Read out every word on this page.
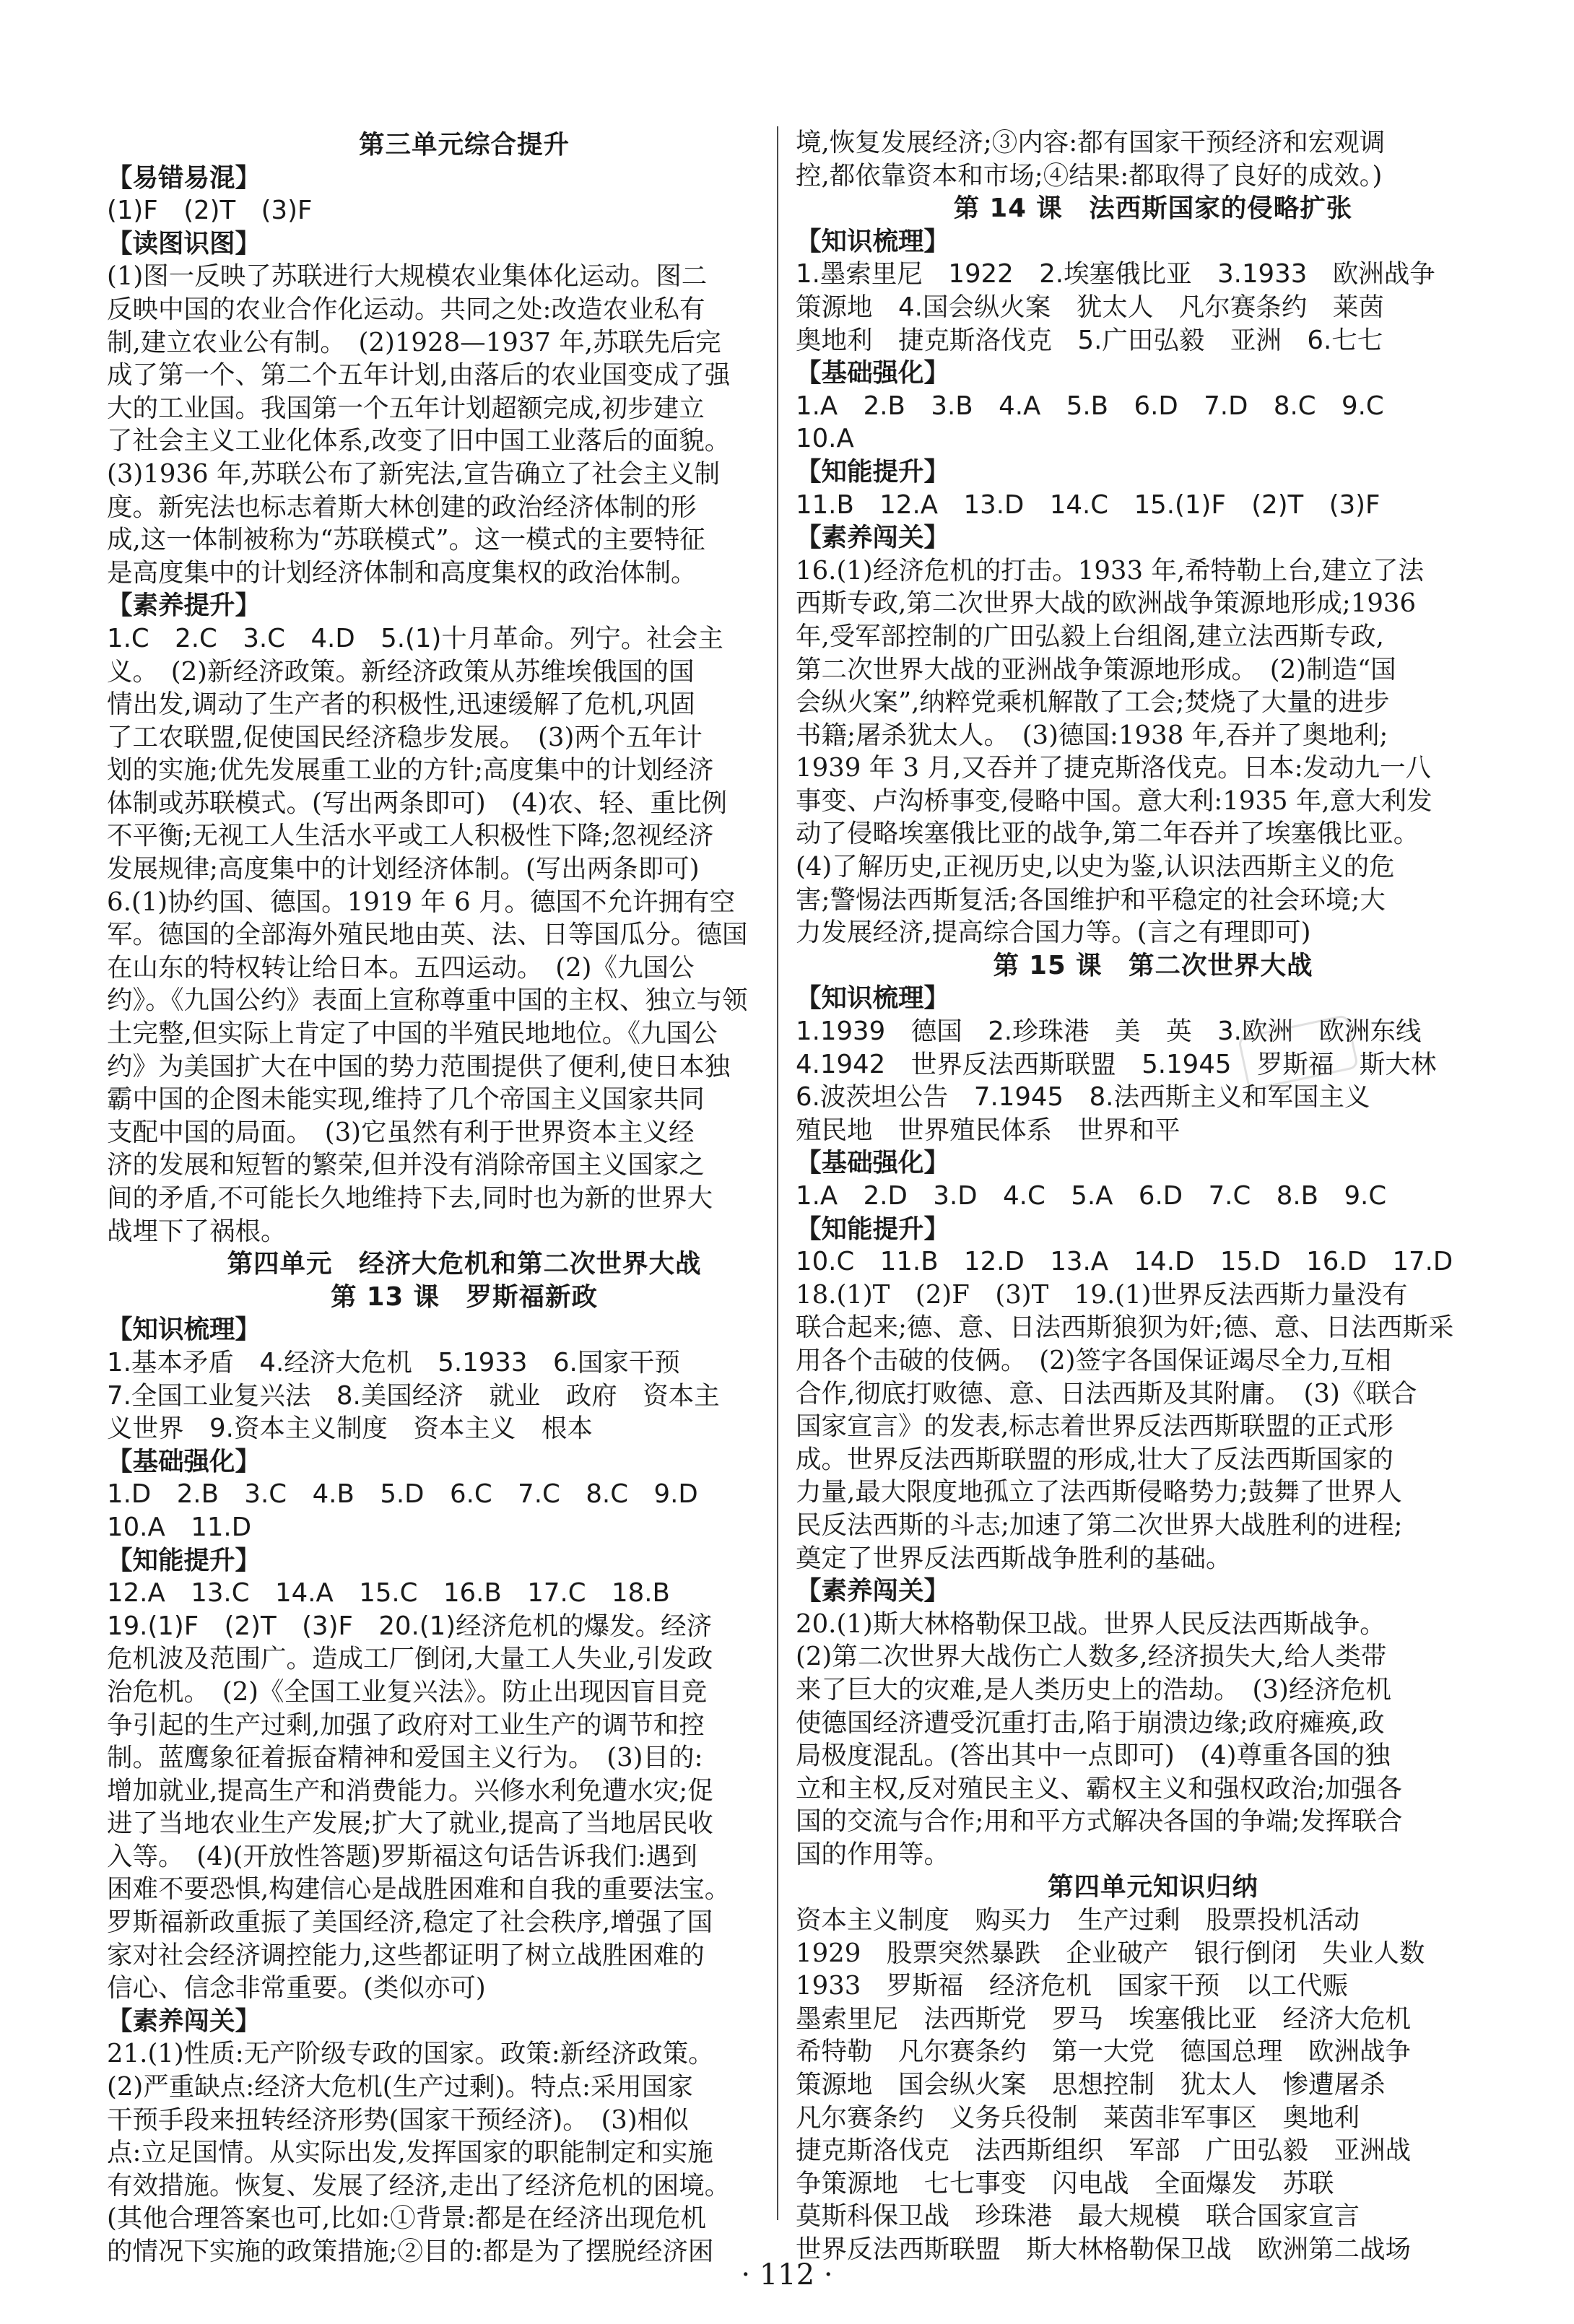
第三单元综合提升
【易错易混】
(1)F　(2)T　(3)F
【读图识图】
(1)图一反映了苏联进行大规模农业集体化运动。图二
反映中国的农业合作化运动。共同之处:改造农业私有
制,建立农业公有制。　(2)1928—1937 年,苏联先后完
成了第一个、第二个五年计划,由落后的农业国变成了强
大的工业国。我国第一个五年计划超额完成,初步建立
了社会主义工业化体系,改变了旧中国工业落后的面貌。
(3)1936 年,苏联公布了新宪法,宣告确立了社会主义制
度。新宪法也标志着斯大林创建的政治经济体制的形
成,这一体制被称为“苏联模式”。这一模式的主要特征
是高度集中的计划经济体制和高度集权的政治体制。
【素养提升】
1.C　2.C　3.C　4.D　5.(1)十月革命。列宁。社会主
义。　(2)新经济政策。新经济政策从苏维埃俄国的国
情出发,调动了生产者的积极性,迅速缓解了危机,巩固
了工农联盟,促使国民经济稳步发展。　(3)两个五年计
划的实施;优先发展重工业的方针;高度集中的计划经济
体制或苏联模式。(写出两条即可)　(4)农、轻、重比例
不平衡;无视工人生活水平或工人积极性下降;忽视经济
发展规律;高度集中的计划经济体制。(写出两条即可)
6.(1)协约国、德国。1919 年 6 月。德国不允许拥有空
军。德国的全部海外殖民地由英、法、日等国瓜分。德国
在山东的特权转让给日本。五四运动。　(2)《九国公
约》。《九国公约》表面上宣称尊重中国的主权、独立与领
土完整,但实际上肯定了中国的半殖民地地位。《九国公
约》为美国扩大在中国的势力范围提供了便利,使日本独
霸中国的企图未能实现,维持了几个帝国主义国家共同
支配中国的局面。　(3)它虽然有利于世界资本主义经
济的发展和短暂的繁荣,但并没有消除帝国主义国家之
间的矛盾,不可能长久地维持下去,同时也为新的世界大
战埋下了祸根。
第四单元　经济大危机和第二次世界大战
第 13 课　罗斯福新政
【知识梳理】
1.基本矛盾　4.经济大危机　5.1933　6.国家干预
7.全国工业复兴法　8.美国经济　就业　政府　资本主
义世界　9.资本主义制度　资本主义　根本
【基础强化】
1.D　2.B　3.C　4.B　5.D　6.C　7.C　8.C　9.D
10.A　11.D
【知能提升】
12.A　13.C　14.A　15.C　16.B　17.C　18.B
19.(1)F　(2)T　(3)F　20.(1)经济危机的爆发。经济
危机波及范围广。造成工厂倒闭,大量工人失业,引发政
治危机。　(2)《全国工业复兴法》。防止出现因盲目竞
争引起的生产过剩,加强了政府对工业生产的调节和控
制。蓝鹰象征着振奋精神和爱国主义行为。　(3)目的:
增加就业,提高生产和消费能力。兴修水利免遭水灾;促
进了当地农业生产发展;扩大了就业,提高了当地居民收
入等。　(4)(开放性答题)罗斯福这句话告诉我们:遇到
困难不要恐惧,构建信心是战胜困难和自我的重要法宝。
罗斯福新政重振了美国经济,稳定了社会秩序,增强了国
家对社会经济调控能力,这些都证明了树立战胜困难的
信心、信念非常重要。(类似亦可)
【素养闯关】
21.(1)性质:无产阶级专政的国家。政策:新经济政策。
(2)严重缺点:经济大危机(生产过剩)。特点:采用国家
干预手段来扭转经济形势(国家干预经济)。　(3)相似
点:立足国情。从实际出发,发挥国家的职能制定和实施
有效措施。恢复、发展了经济,走出了经济危机的困境。
(其他合理答案也可,比如:①背景:都是在经济出现危机
的情况下实施的政策措施;②目的:都是为了摆脱经济困
境,恢复发展经济;③内容:都有国家干预经济和宏观调
控,都依靠资本和市场;④结果:都取得了良好的成效。)
第 14 课　法西斯国家的侵略扩张
【知识梳理】
1.墨索里尼　1922　2.埃塞俄比亚　3.1933　欧洲战争
策源地　4.国会纵火案　犹太人　凡尔赛条约　莱茵
奥地利　捷克斯洛伐克　5.广田弘毅　亚洲　6.七七
【基础强化】
1.A　2.B　3.B　4.A　5.B　6.D　7.D　8.C　9.C
10.A
【知能提升】
11.B　12.A　13.D　14.C　15.(1)F　(2)T　(3)F
【素养闯关】
16.(1)经济危机的打击。1933 年,希特勒上台,建立了法
西斯专政,第二次世界大战的欧洲战争策源地形成;1936
年,受军部控制的广田弘毅上台组阁,建立法西斯专政,
第二次世界大战的亚洲战争策源地形成。　(2)制造“国
会纵火案”,纳粹党乘机解散了工会;焚烧了大量的进步
书籍;屠杀犹太人。　(3)德国:1938 年,吞并了奥地利;
1939 年 3 月,又吞并了捷克斯洛伐克。日本:发动九一八
事变、卢沟桥事变,侵略中国。意大利:1935 年,意大利发
动了侵略埃塞俄比亚的战争,第二年吞并了埃塞俄比亚。
(4)了解历史,正视历史,以史为鉴,认识法西斯主义的危
害;警惕法西斯复活;各国维护和平稳定的社会环境;大
力发展经济,提高综合国力等。(言之有理即可)
第 15 课　第二次世界大战
【知识梳理】
1.1939　德国　2.珍珠港　美　英　3.欧洲　欧洲东线
4.1942　世界反法西斯联盟　5.1945　罗斯福　斯大林
6.波茨坦公告　7.1945　8.法西斯主义和军国主义
殖民地　世界殖民体系　世界和平
【基础强化】
1.A　2.D　3.D　4.C　5.A　6.D　7.C　8.B　9.C
【知能提升】
10.C　11.B　12.D　13.A　14.D　15.D　16.D　17.D
18.(1)T　(2)F　(3)T　19.(1)世界反法西斯力量没有
联合起来;德、意、日法西斯狼狈为奸;德、意、日法西斯采
用各个击破的伎俩。　(2)签字各国保证竭尽全力,互相
合作,彻底打败德、意、日法西斯及其附庸。　(3)《联合
国家宣言》的发表,标志着世界反法西斯联盟的正式形
成。世界反法西斯联盟的形成,壮大了反法西斯国家的
力量,最大限度地孤立了法西斯侵略势力;鼓舞了世界人
民反法西斯的斗志;加速了第二次世界大战胜利的进程;
奠定了世界反法西斯战争胜利的基础。
【素养闯关】
20.(1)斯大林格勒保卫战。世界人民反法西斯战争。
(2)第二次世界大战伤亡人数多,经济损失大,给人类带
来了巨大的灾难,是人类历史上的浩劫。　(3)经济危机
使德国经济遭受沉重打击,陷于崩溃边缘;政府瘫痪,政
局极度混乱。(答出其中一点即可)　(4)尊重各国的独
立和主权,反对殖民主义、霸权主义和强权政治;加强各
国的交流与合作;用和平方式解决各国的争端;发挥联合
国的作用等。
第四单元知识归纳
资本主义制度　购买力　生产过剩　股票投机活动
1929　股票突然暴跌　企业破产　银行倒闭　失业人数
1933　罗斯福　经济危机　国家干预　以工代赈
墨索里尼　法西斯党　罗马　埃塞俄比亚　经济大危机
希特勒　凡尔赛条约　第一大党　德国总理　欧洲战争
策源地　国会纵火案　思想控制　犹太人　惨遭屠杀
凡尔赛条约　义务兵役制　莱茵非军事区　奥地利
捷克斯洛伐克　法西斯组织　军部　广田弘毅　亚洲战
争策源地　七七事变　闪电战　全面爆发　苏联
莫斯科保卫战　珍珠港　最大规模　联合国家宣言
世界反法西斯联盟　斯大林格勒保卫战　欧洲第二战场
· 112 ·
